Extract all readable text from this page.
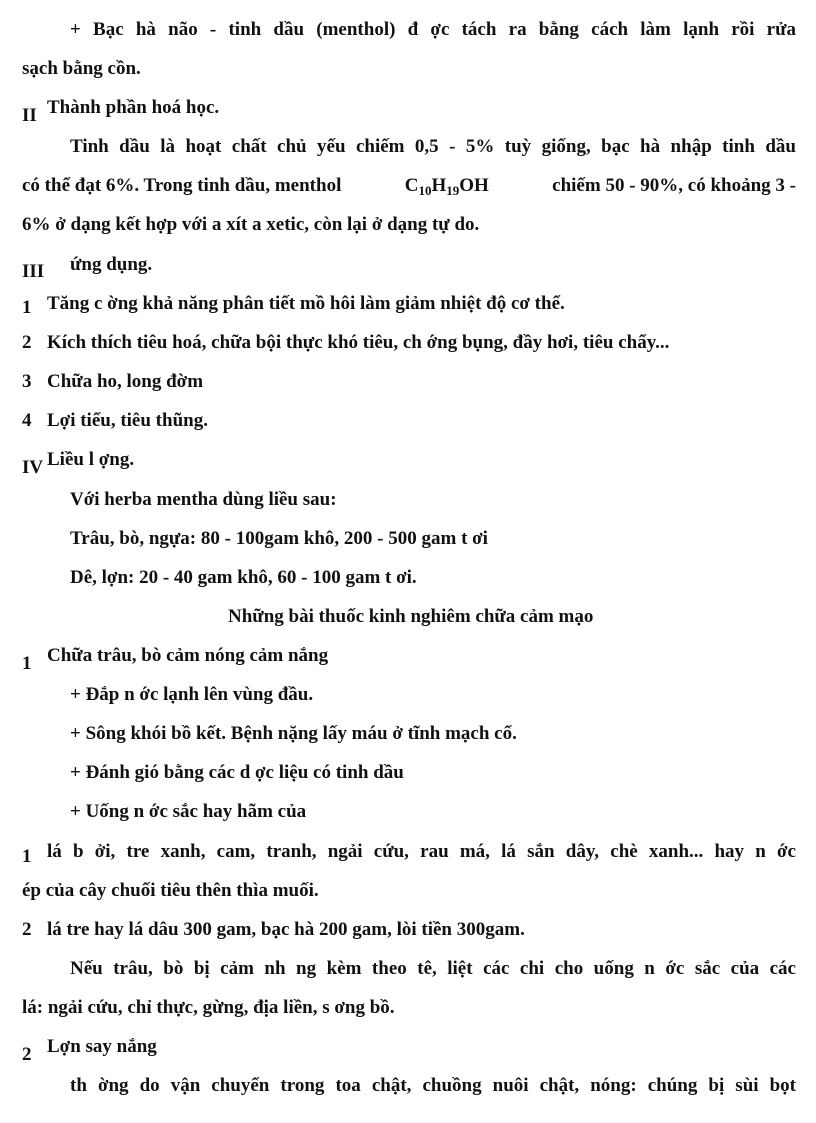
+ Bạc hà não - tinh dầu (menthol) đ ợc tách ra bằng cách làm lạnh rồi rửa
sạch bằng cồn.
II Thành phần hoá học.
Tinh dầu là hoạt chất chủ yếu chiếm 0,5 - 5% tuỳ giống, bạc hà nhập tinh dầu
có thể đạt 6%. Trong tinh dầu, menthol	$C_{10}H_{19}OH$	chiếm 50 - 90%, có khoảng 3 -
6% ở dạng kết hợp với a xít a xetic, còn lại ở dạng tự do.
III ứng dụng.
1 Tăng c ờng khả năng phân tiết mồ hôi làm giảm nhiệt độ cơ thể.
2 Kích thích tiêu hoá, chữa bội thực khó tiêu, ch ớng bụng, đầy hơi, tiêu chẩy...
3 Chữa ho, long đờm
4 Lợi tiểu, tiêu thũng.
IV Liều l ợng.
Với herba mentha dùng liều sau:
Trâu, bò, ngựa: 80 - 100gam khô, 200 - 500 gam t ơi
Dê, lợn: 20 - 40 gam khô, 60 - 100 gam t ơi.
Những bài thuốc kinh nghiêm chữa cảm mạo
1 Chữa trâu, bò cảm nóng cảm nắng
+ Đắp n ớc lạnh lên vùng đầu.
+ Sông khói bồ kết. Bệnh nặng lấy máu ở tĩnh mạch cổ.
+ Đánh gió bằng các d ợc liệu có tinh dầu
+ Uống n ớc sắc hay hãm của
1 lá b ởi, tre xanh, cam, tranh, ngải cứu, rau má, lá sắn dây, chè xanh... hay n ớc
ép của cây chuối tiêu thên thìa muối.
2 lá tre hay lá dâu 300 gam, bạc hà 200 gam, lòi tiền 300gam.
Nếu trâu, bò bị cảm nh ng kèm theo tê, liệt các chi cho uống n ớc sắc của các
lá: ngải cứu, chỉ thực, gừng, địa liền, s ơng bồ.
2 Lợn say nắng
th ờng do vận chuyển trong toa chật, chuồng nuôi chật, nóng: chúng bị sùi bọt
